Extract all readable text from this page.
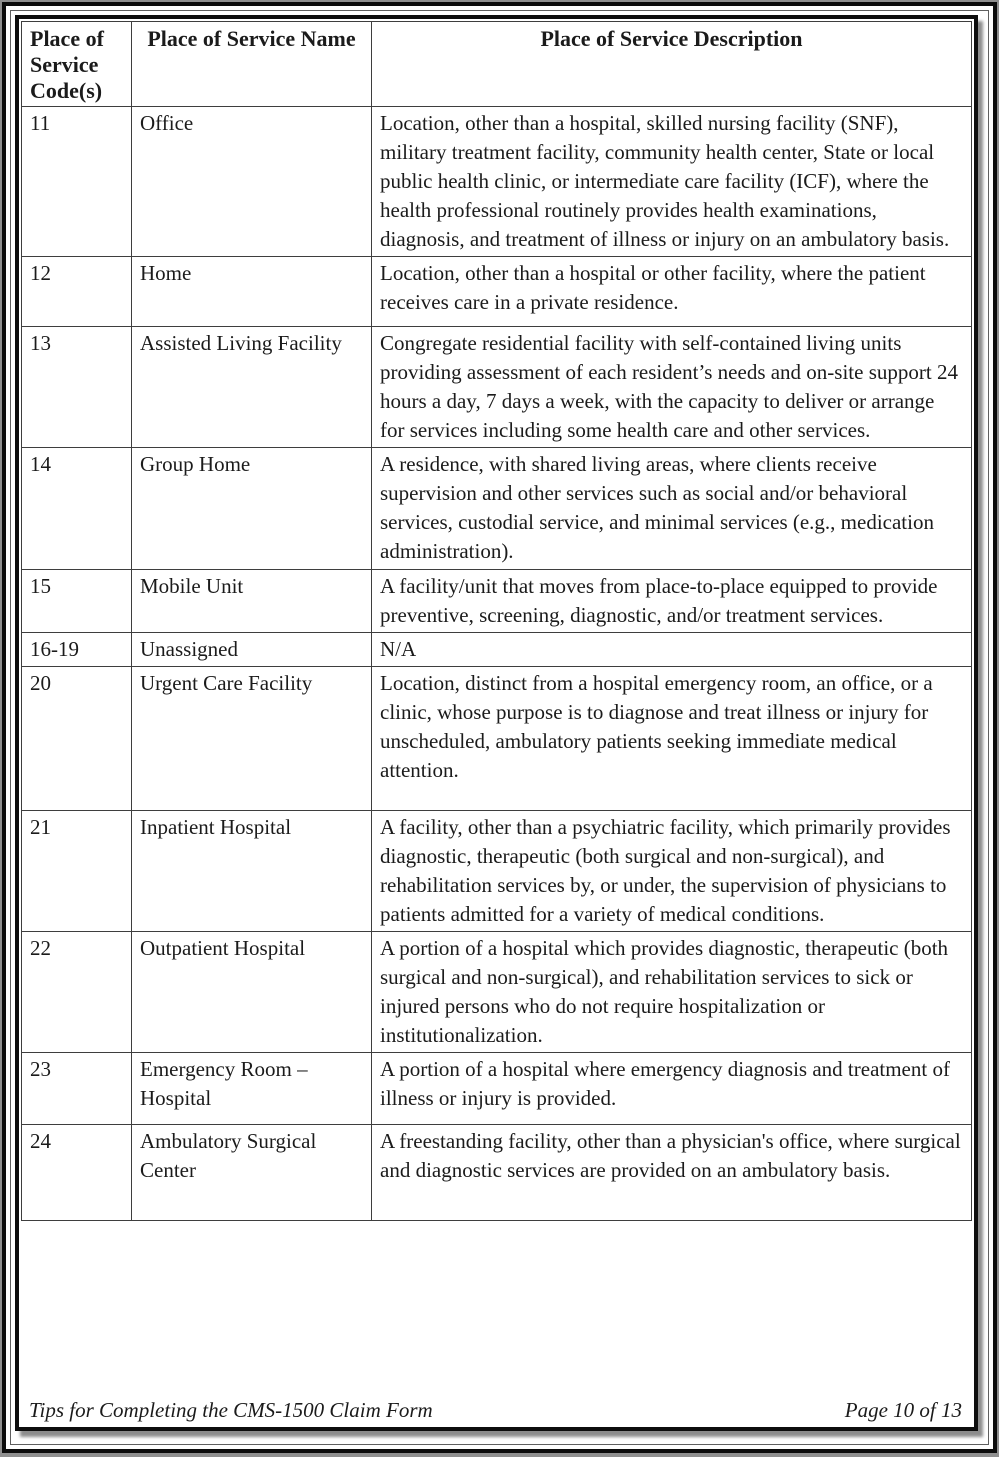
Place of Service Code(s)	Place of Service Name	Place of Service Description
11	Office	Location, other than a hospital, skilled nursing facility (SNF), military treatment facility, community health center, State or local public health clinic, or intermediate care facility (ICF), where the health professional routinely provides health examinations, diagnosis, and treatment of illness or injury on an ambulatory basis.
12	Home	Location, other than a hospital or other facility, where the patient receives care in a private residence.
13	Assisted Living Facility	Congregate residential facility with self-contained living units providing assessment of each resident’s needs and on-site support 24 hours a day, 7 days a week, with the capacity to deliver or arrange for services including some health care and other services.
14	Group Home	A residence, with shared living areas, where clients receive supervision and other services such as social and/or behavioral services, custodial service, and minimal services (e.g., medication administration).
15	Mobile Unit	A facility/unit that moves from place-to-place equipped to provide preventive, screening, diagnostic, and/or treatment services.
16-19	Unassigned	N/A
20	Urgent Care Facility	Location, distinct from a hospital emergency room, an office, or a clinic, whose purpose is to diagnose and treat illness or injury for unscheduled, ambulatory patients seeking immediate medical attention.
21	Inpatient Hospital	A facility, other than a psychiatric facility, which primarily provides diagnostic, therapeutic (both surgical and non-surgical), and rehabilitation services by, or under, the supervision of physicians to patients admitted for a variety of medical conditions.
22	Outpatient Hospital	A portion of a hospital which provides diagnostic, therapeutic (both surgical and non-surgical), and rehabilitation services to sick or injured persons who do not require hospitalization or institutionalization.
23	Emergency Room – Hospital	A portion of a hospital where emergency diagnosis and treatment of illness or injury is provided.
24	Ambulatory Surgical Center	A freestanding facility, other than a physician's office, where surgical and diagnostic services are provided on an ambulatory basis.
Tips for Completing the CMS-1500 Claim Form	Page 10 of 13
